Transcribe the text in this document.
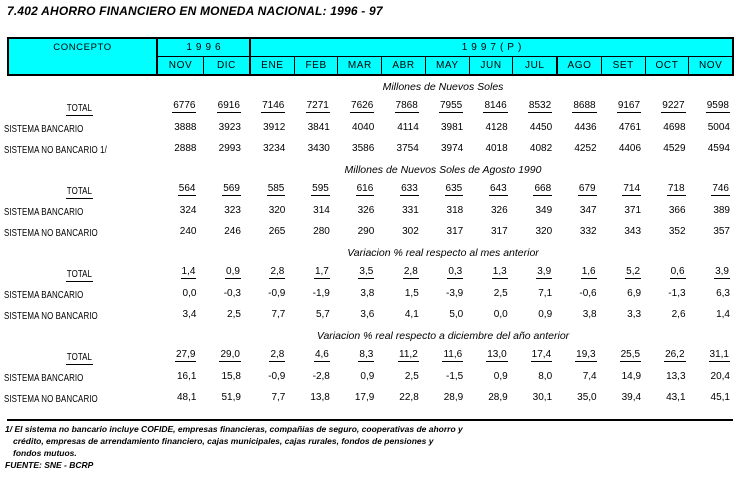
7.402 AHORRO FINANCIERO EN MONEDA NACIONAL: 1996 - 97
CONCEPTO	1996
NOV	DIC
1997(P)
ENE	FEB	MAR	ABR	MAY	JUN	JUL	AGO	SET	OCT	NOV
Millones de Nuevos Soles
TOTAL	6776	6916	7146	7271	7626	7868	7955	8146	8532	8688	9167	9227	9598
SISTEMA BANCARIO	3888	3923	3912	3841	4040	4114	3981	4128	4450	4436	4761	4698	5004
SISTEMA NO BANCARIO 1/	2888	2993	3234	3430	3586	3754	3974	4018	4082	4252	4406	4529	4594
Millones de Nuevos Soles de Agosto 1990
TOTAL	564	569	585	595	616	633	635	643	668	679	714	718	746
SISTEMA BANCARIO	324	323	320	314	326	331	318	326	349	347	371	366	389
SISTEMA NO BANCARIO	240	246	265	280	290	302	317	317	320	332	343	352	357
Variacion % real respecto al mes anterior
TOTAL	1,4	0,9	2,8	1,7	3,5	2,8	0,3	1,3	3,9	1,6	5,2	0,6	3,9
SISTEMA BANCARIO	0,0	-0,3	-0,9	-1,9	3,8	1,5	-3,9	2,5	7,1	-0,6	6,9	-1,3	6,3
SISTEMA NO BANCARIO	3,4	2,5	7,7	5,7	3,6	4,1	5,0	0,0	0,9	3,8	3,3	2,6	1,4
Variacion % real respecto a diciembre del año anterior
TOTAL	27,9	29,0	2,8	4,6	8,3	11,2	11,6	13,0	17,4	19,3	25,5	26,2	31,1
SISTEMA BANCARIO	16,1	15,8	-0,9	-2,8	0,9	2,5	-1,5	0,9	8,0	7,4	14,9	13,3	20,4
SISTEMA NO BANCARIO	48,1	51,9	7,7	13,8	17,9	22,8	28,9	28,9	30,1	35,0	39,4	43,1	45,1
1/ El sistema no bancario incluye COFIDE, empresas financieras, compañias de seguro, cooperativas de ahorro y
crédito, empresas de arrendamiento financiero, cajas municipales, cajas rurales, fondos de pensiones y
fondos mutuos.
FUENTE: SNE - BCRP
